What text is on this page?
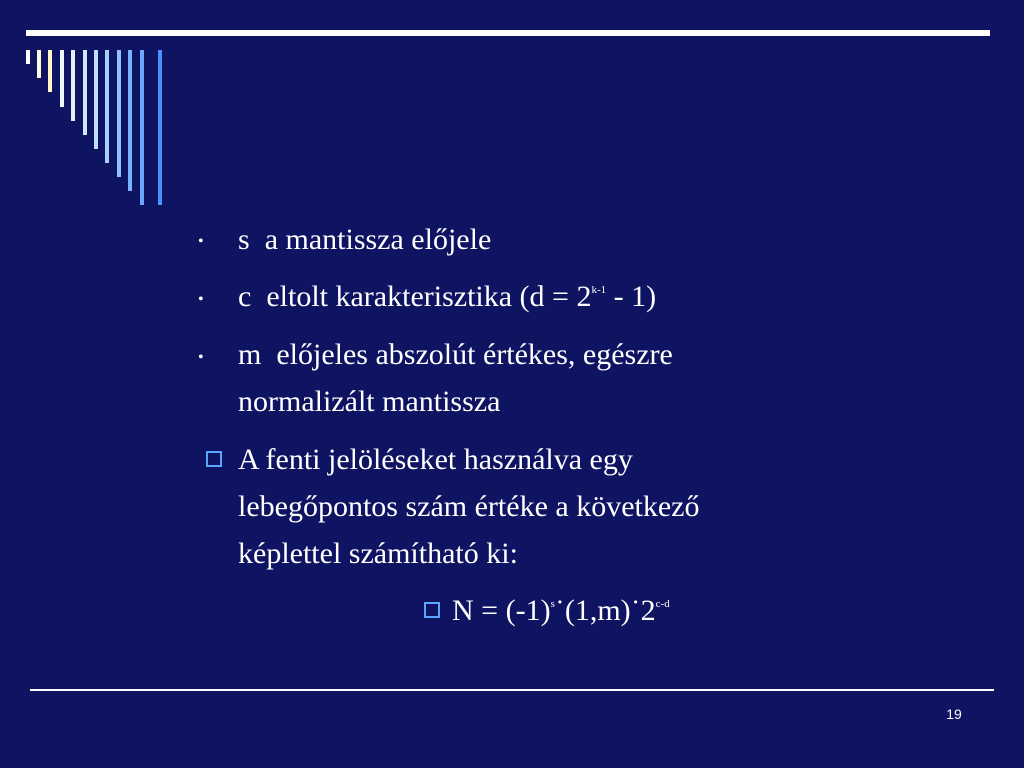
• s a mantissza előjele
• c eltolt karakterisztika $(d = 2^{k-1} - 1)$
• m előjeles abszolút értékes, egészre
normalizált mantissza
A fenti jelöléseket használva egy
lebegőpontos szám értéke a következő
képlettel számítható ki:
$N = (-1)^s˙(1,m)˙2^{c-d}$
19
